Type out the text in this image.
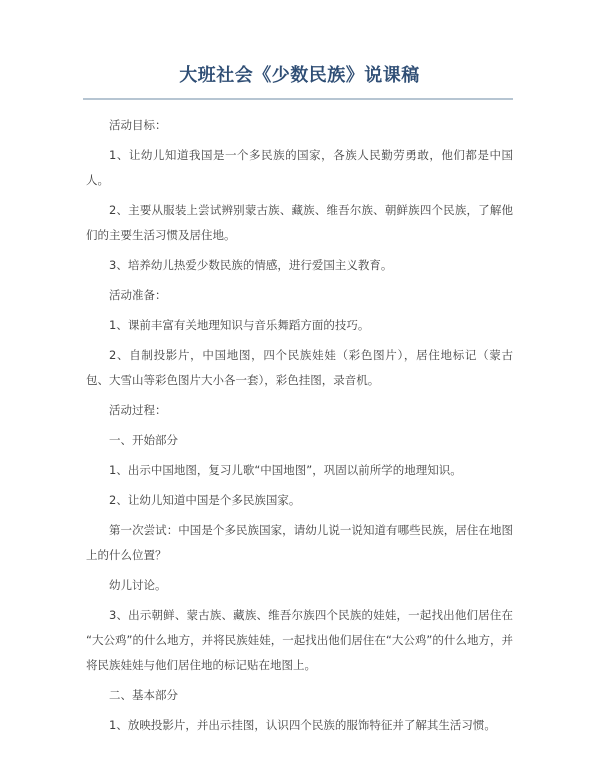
大班社会《少数民族》说课稿

活动目标：

1、让幼儿知道我国是一个多民族的国家，各族人民勤劳勇敢，他们都是中国人。

2、主要从服装上尝试辨别蒙古族、藏族、维吾尔族、朝鲜族四个民族，了解他们的主要生活习惯及居住地。

3、培养幼儿热爱少数民族的情感，进行爱国主义教育。

活动准备：

1、课前丰富有关地理知识与音乐舞蹈方面的技巧。

2、自制投影片，中国地图，四个民族娃娃（彩色图片），居住地标记（蒙古包、大雪山等彩色图片大小各一套），彩色挂图，录音机。

活动过程：

一、开始部分

1、出示中国地图，复习儿歌“中国地图”，巩固以前所学的地理知识。

2、让幼儿知道中国是个多民族国家。

第一次尝试：中国是个多民族国家，请幼儿说一说知道有哪些民族，居住在地图上的什么位置？

幼儿讨论。

3、出示朝鲜、蒙古族、藏族、维吾尔族四个民族的娃娃，一起找出他们居住在“大公鸡”的什么地方，并将民族娃娃，一起找出他们居住在“大公鸡”的什么地方，并将民族娃娃与他们居住地的标记贴在地图上。

二、基本部分

1、放映投影片，并出示挂图，认识四个民族的服饰特征并了解其生活习惯。
